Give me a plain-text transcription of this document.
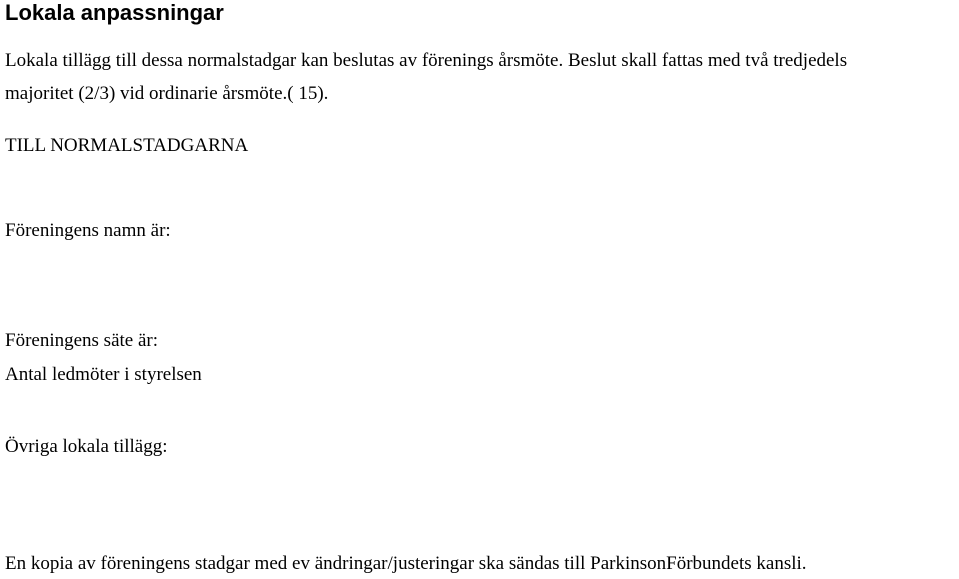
Lokala anpassningar

Lokala tillägg till dessa normalstadgar kan beslutas av förenings årsmöte. Beslut skall fattas med två tredjedels

majoritet (2/3) vid ordinarie årsmöte.( 15).

TILL NORMALSTADGARNA

Föreningens namn är:

Föreningens säte är:

Antal ledmöter i styrelsen

Övriga lokala tillägg:

En kopia av föreningens stadgar med ev ändringar/justeringar ska sändas till ParkinsonFörbundets kansli.
